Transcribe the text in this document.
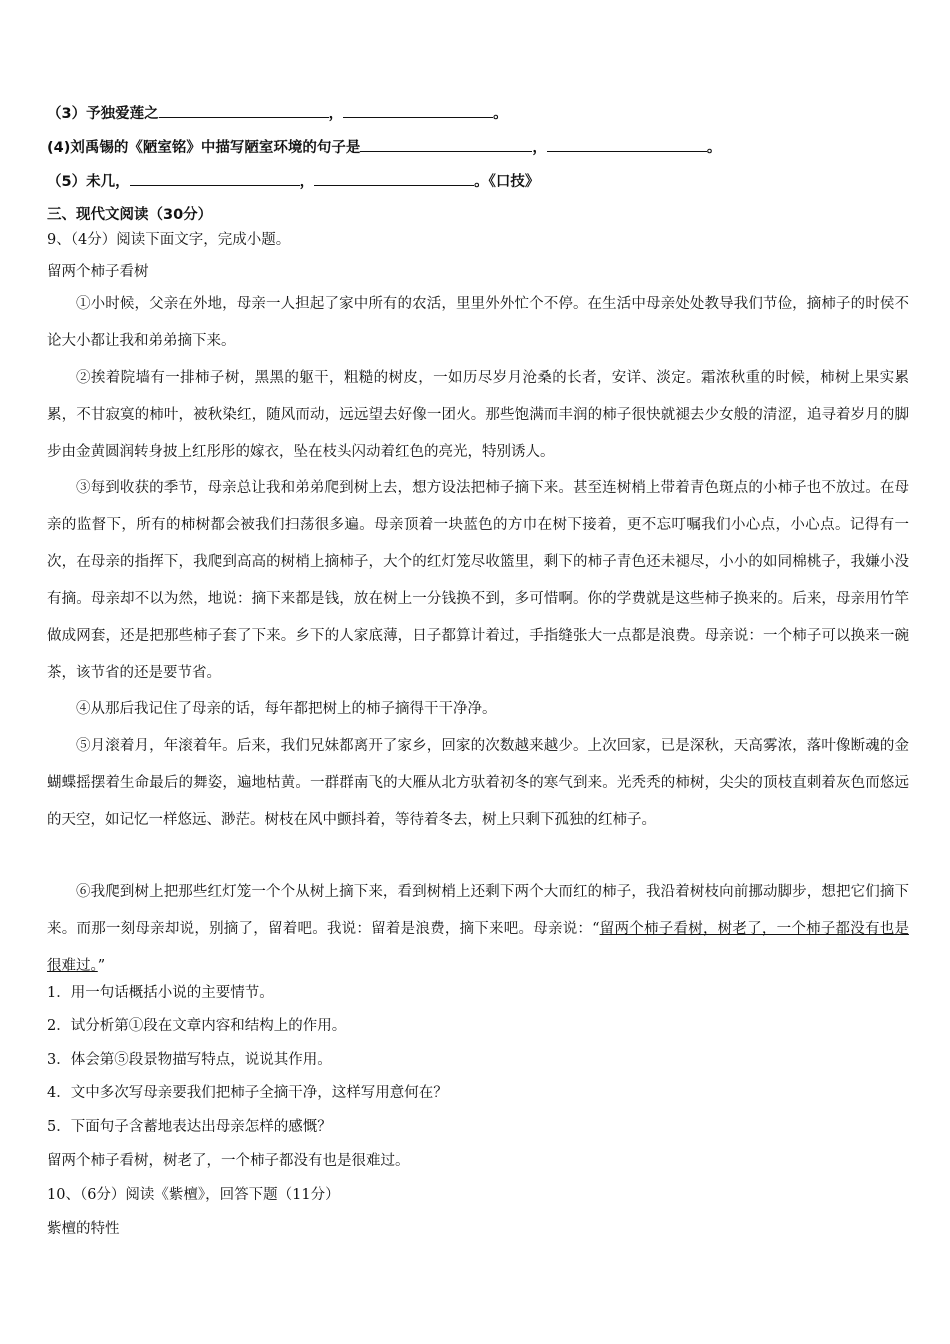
（3）予独爱莲之	，	。
(4)刘禹锡的《陋室铭》中描写陋室环境的句子是	，	。
（5）未几，	，	。《口技》
三、现代文阅读（30分）
9、（4分）阅读下面文字，完成小题。
留两个柿子看树
①小时候，父亲在外地，母亲一人担起了家中所有的农活，里里外外忙个不停。在生活中母亲处处教导我们节俭，摘柿子的时侯不论大小都让我和弟弟摘下来。
②挨着院墙有一排柿子树，黑黑的躯干，粗糙的树皮，一如历尽岁月沧桑的长者，安详、淡定。霜浓秋重的时候，柿树上果实累累，不甘寂寞的柿叶，被秋染红，随风而动，远远望去好像一团火。那些饱满而丰润的柿子很快就褪去少女般的清涩，追寻着岁月的脚步由金黄圆润转身披上红彤彤的嫁衣，坠在枝头闪动着红色的亮光，特别诱人。
③每到收获的季节，母亲总让我和弟弟爬到树上去，想方设法把柿子摘下来。甚至连树梢上带着青色斑点的小柿子也不放过。在母亲的监督下，所有的柿树都会被我们扫荡很多遍。母亲顶着一块蓝色的方巾在树下接着，更不忘叮嘱我们小心点，小心点。记得有一次，在母亲的指挥下，我爬到高高的树梢上摘柿子，大个的红灯笼尽收篮里，剩下的柿子青色还未褪尽，小小的如同棉桃子，我嫌小没有摘。母亲却不以为然，地说：摘下来都是钱，放在树上一分钱换不到，多可惜啊。你的学费就是这些柿子换来的。后来，母亲用竹竿做成网套，还是把那些柿子套了下来。乡下的人家底薄，日子都算计着过，手指缝张大一点都是浪费。母亲说：一个柿子可以换来一碗茶，该节省的还是要节省。
④从那后我记住了母亲的话，每年都把树上的柿子摘得干干净净。
⑤月滚着月，年滚着年。后来，我们兄妹都离开了家乡，回家的次数越来越少。上次回家，已是深秋，天高雾浓，落叶像断魂的金蝴蝶摇摆着生命最后的舞姿，遍地枯黄。一群群南飞的大雁从北方驮着初冬的寒气到来。光秃秃的柿树，尖尖的顶枝直刺着灰色而悠远的天空，如记忆一样悠远、渺茫。树枝在风中颤抖着，等待着冬去，树上只剩下孤独的红柿子。
⑥我爬到树上把那些红灯笼一个个从树上摘下来，看到树梢上还剩下两个大而红的柿子，我沿着树枝向前挪动脚步，想把它们摘下来。而那一刻母亲却说，别摘了，留着吧。我说：留着是浪费，摘下来吧。母亲说：“留两个柿子看树，树老了，一个柿子都没有也是很难过。”
1．用一句话概括小说的主要情节。
2．试分析第①段在文章内容和结构上的作用。
3．体会第⑤段景物描写特点，说说其作用。
4．文中多次写母亲要我们把柿子全摘干净，这样写用意何在？
5．下面句子含蓄地表达出母亲怎样的感慨？
留两个柿子看树，树老了，一个柿子都没有也是很难过。
10、（6分）阅读《紫檀》，回答下题（11分）
紫檀的特性
